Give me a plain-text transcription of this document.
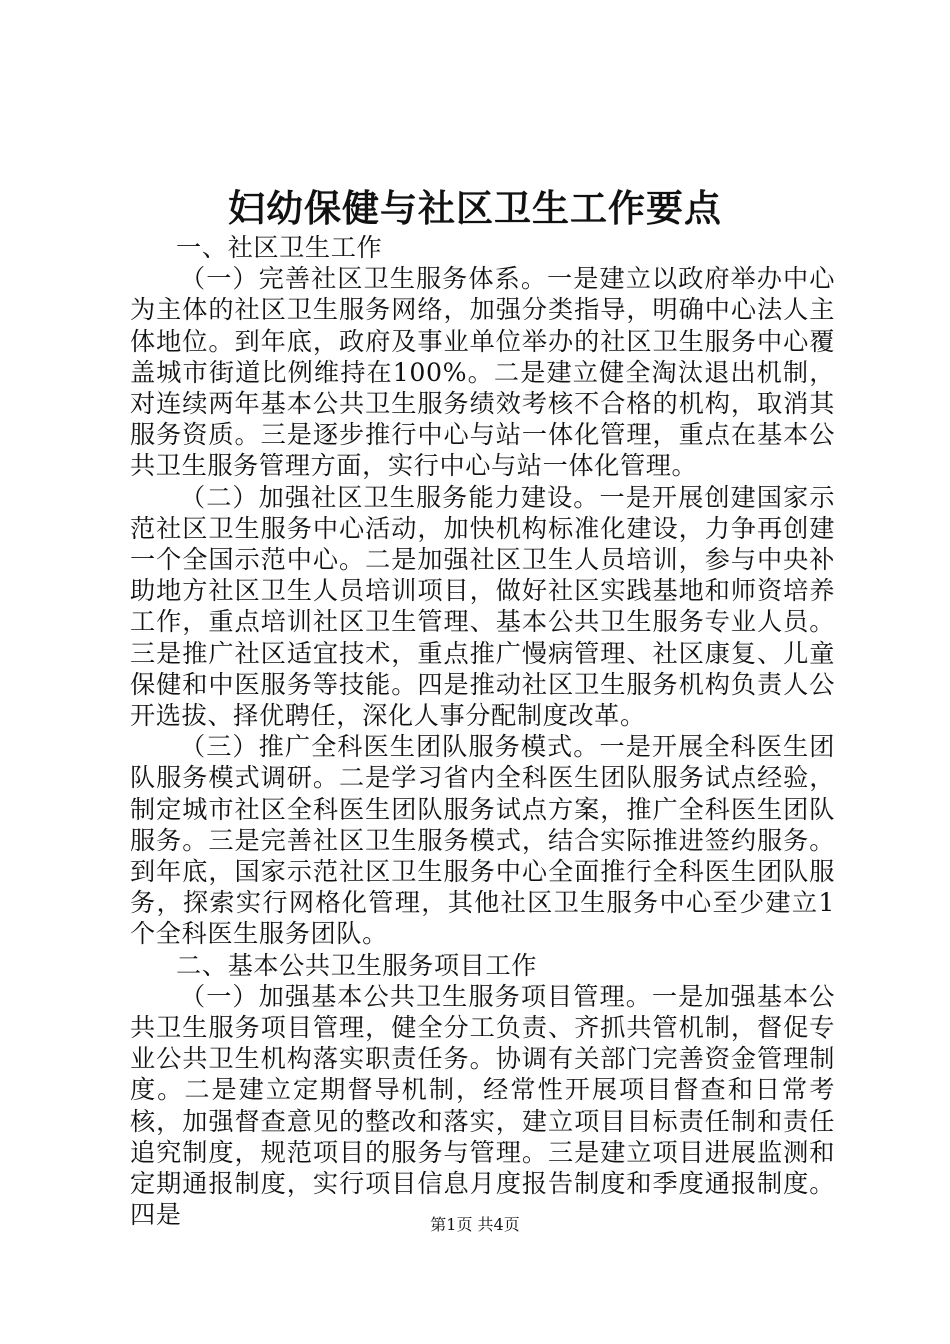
妇幼保健与社区卫生工作要点

一、社区卫生工作

（一）完善社区卫生服务体系。一是建立以政府举办中心为主体的社区卫生服务网络，加强分类指导，明确中心法人主体地位。到年底，政府及事业单位举办的社区卫生服务中心覆盖城市街道比例维持在100%。二是建立健全淘汰退出机制，对连续两年基本公共卫生服务绩效考核不合格的机构，取消其服务资质。三是逐步推行中心与站一体化管理，重点在基本公共卫生服务管理方面，实行中心与站一体化管理。

（二）加强社区卫生服务能力建设。一是开展创建国家示范社区卫生服务中心活动，加快机构标准化建设，力争再创建一个全国示范中心。二是加强社区卫生人员培训，参与中央补助地方社区卫生人员培训项目，做好社区实践基地和师资培养工作，重点培训社区卫生管理、基本公共卫生服务专业人员。三是推广社区适宜技术，重点推广慢病管理、社区康复、儿童保健和中医服务等技能。四是推动社区卫生服务机构负责人公开选拔、择优聘任，深化人事分配制度改革。

（三）推广全科医生团队服务模式。一是开展全科医生团队服务模式调研。二是学习省内全科医生团队服务试点经验，制定城市社区全科医生团队服务试点方案，推广全科医生团队服务。三是完善社区卫生服务模式，结合实际推进签约服务。到年底，国家示范社区卫生服务中心全面推行全科医生团队服务，探索实行网格化管理，其他社区卫生服务中心至少建立1个全科医生服务团队。

二、基本公共卫生服务项目工作

（一）加强基本公共卫生服务项目管理。一是加强基本公共卫生服务项目管理，健全分工负责、齐抓共管机制，督促专业公共卫生机构落实职责任务。协调有关部门完善资金管理制度。二是建立定期督导机制，经常性开展项目督查和日常考核，加强督查意见的整改和落实，建立项目目标责任制和责任追究制度，规范项目的服务与管理。三是建立项目进展监测和定期通报制度，实行项目信息月度报告制度和季度通报制度。四是	第1页 共4页
